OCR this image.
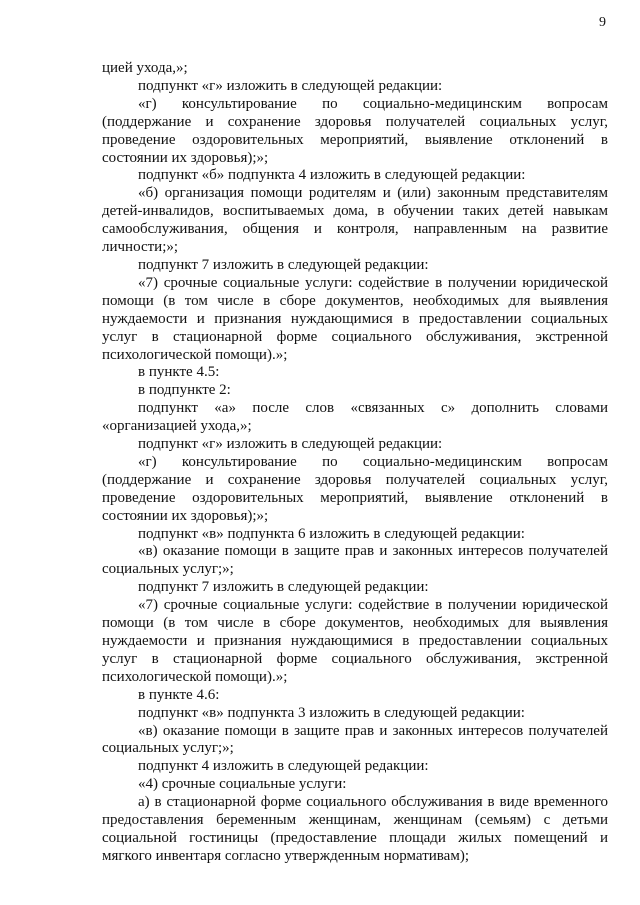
9

цией ухода,»;

подпункт «г» изложить в следующей редакции:

«г) консультирование по социально-медицинским вопросам (поддержание и сохранение здоровья получателей социальных услуг, проведение оздоровительных мероприятий, выявление отклонений в состоянии их здоровья);»;

подпункт «б» подпункта 4 изложить в следующей редакции:

«б) организация помощи родителям и (или) законным представителям детей-инвалидов, воспитываемых дома, в обучении таких детей навыкам самообслуживания, общения и контроля, направленным на развитие личности;»;

подпункт 7 изложить в следующей редакции:

«7) срочные социальные услуги: содействие в получении юридической помощи (в том числе в сборе документов, необходимых для выявления нуждаемости и признания нуждающимися в предоставлении социальных услуг в стационарной форме социального обслуживания, экстренной психологической помощи).»;

в пункте 4.5:

в подпункте 2:

подпункт «а» после слов «связанных с» дополнить словами «организацией ухода,»;

подпункт «г» изложить в следующей редакции:

«г) консультирование по социально-медицинским вопросам (поддержание и сохранение здоровья получателей социальных услуг, проведение оздоровительных мероприятий, выявление отклонений в состоянии их здоровья);»;

подпункт «в» подпункта 6 изложить в следующей редакции:

«в) оказание помощи в защите прав и законных интересов получателей социальных услуг;»;

подпункт 7 изложить в следующей редакции:

«7) срочные социальные услуги: содействие в получении юридической помощи (в том числе в сборе документов, необходимых для выявления нуждаемости и признания нуждающимися в предоставлении социальных услуг в стационарной форме социального обслуживания, экстренной психологической помощи).»;

в пункте 4.6:

подпункт «в» подпункта 3 изложить в следующей редакции:

«в) оказание помощи в защите прав и законных интересов получателей социальных услуг;»;

подпункт 4 изложить в следующей редакции:

«4) срочные социальные услуги:

а) в стационарной форме социального обслуживания в виде временного предоставления беременным женщинам, женщинам (семьям) с детьми социальной гостиницы (предоставление площади жилых помещений и мягкого инвентаря согласно утвержденным нормативам);
